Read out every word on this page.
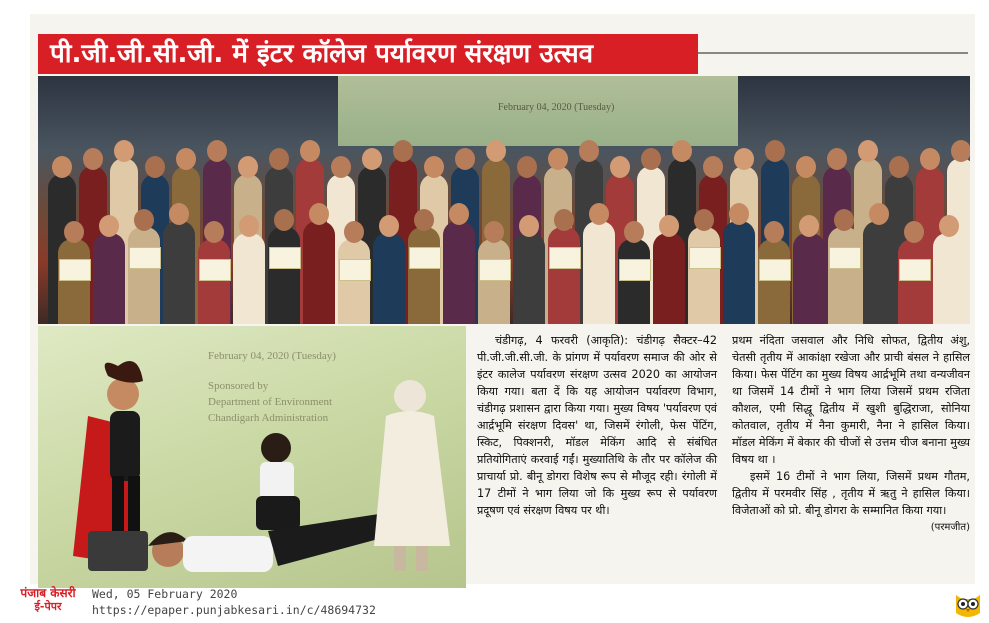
पी.जी.जी.सी.जी. में इंटर कॉलेज पर्यावरण संरक्षण उत्सव
February 04, 2020 (Tuesday)
February 04, 2020 (Tuesday)
Sponsored by
Department of Environment
Chandigarh Administration

चंडीगढ़, 4 फरवरी (आकृति): चंडीगढ़ सैक्टर–42 पी.जी.जी.सी.जी. के प्रांगण में पर्यावरण समाज की ओर से इंटर कालेज पर्यावरण संरक्षण उत्सव 2020 का आयोजन किया गया। बता दें कि यह आयोजन पर्यावरण विभाग, चंडीगढ़ प्रशासन द्वारा किया गया। मुख्य विषय 'पर्यावरण एवं आर्द्रभूमि संरक्षण दिवस' था, जिसमें रंगोली, फेस पेंटिंग, स्किट, पिक्शनरी, मॉडल मेकिंग आदि से संबंधित प्रतियोगिताएं करवाई गईं। मुख्यातिथि के तौर पर कॉलेज की प्राचार्या प्रो. बीनू डोगरा विशेष रूप से मौजूद रही। रंगोली में 17 टीमों ने भाग लिया जो कि मुख्य रूप से पर्यावरण प्रदूषण एवं संरक्षण विषय पर थी।

प्रथम नंदिता जसवाल और निधि सोफत, द्वितीय अंशु, चेतसी तृतीय में आकांक्षा रखेजा और प्राची बंसल ने हासिल किया। फेस पेंटिंग का मुख्य विषय आर्द्रभूमि तथा वन्यजीवन था जिसमें 14 टीमों ने भाग लिया जिसमें प्रथम रजिता कौशल, एमी सिद्धू द्वितीय में खुशी बुद्धिराजा, सोनिया कोतवाल, तृतीय में नैना कुमारी, नैना ने हासिल किया। मॉडल मेकिंग में बेकार की चीजों से उत्तम चीज बनाना मुख्य विषय था ।

इसमें 16 टीमों ने भाग लिया, जिसमें प्रथम गौतम, द्वितीय में परमवीर सिंह , तृतीय में ऋतु ने हासिल किया। विजेताओं को प्रो. बीनू डोगरा के सम्मानित किया गया।

(परमजीत)
पंजाब केसरी
ई-पेपर
Wed, 05 February 2020
https://epaper.punjabkesari.in/c/48694732
